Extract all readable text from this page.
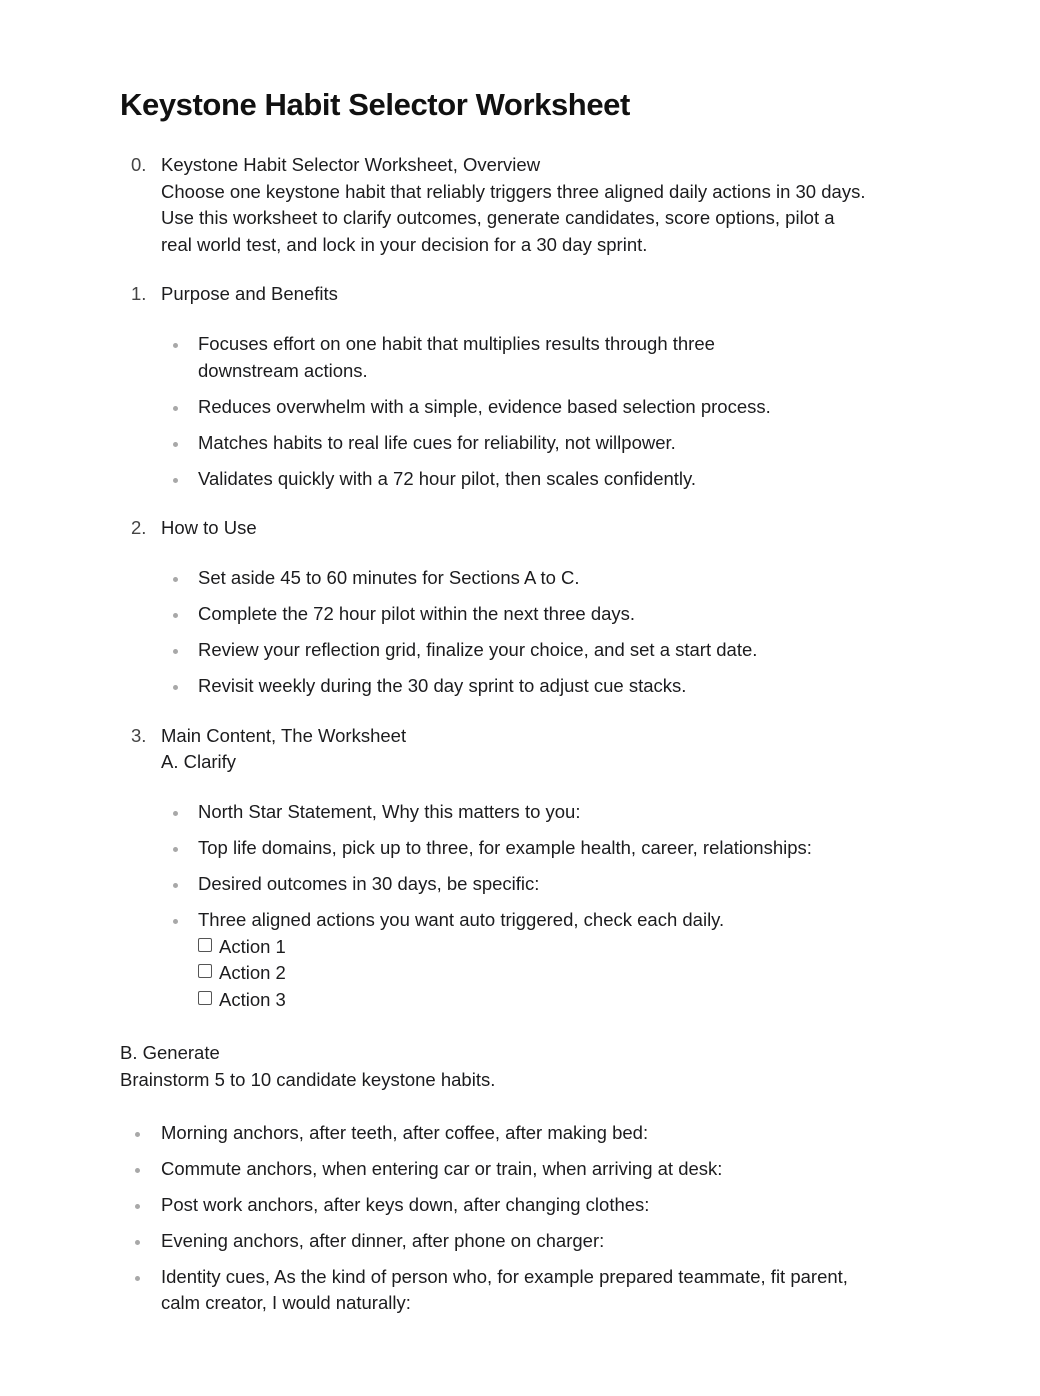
Keystone Habit Selector Worksheet
0. Keystone Habit Selector Worksheet, Overview
Choose one keystone habit that reliably triggers three aligned daily actions in 30 days.
Use this worksheet to clarify outcomes, generate candidates, score options, pilot a
real world test, and lock in your decision for a 30 day sprint.
1. Purpose and Benefits
Focuses effort on one habit that multiplies results through three
downstream actions.
Reduces overwhelm with a simple, evidence based selection process.
Matches habits to real life cues for reliability, not willpower.
Validates quickly with a 72 hour pilot, then scales confidently.
2. How to Use
Set aside 45 to 60 minutes for Sections A to C.
Complete the 72 hour pilot within the next three days.
Review your reflection grid, finalize your choice, and set a start date.
Revisit weekly during the 30 day sprint to adjust cue stacks.
3. Main Content, The Worksheet
A. Clarify
North Star Statement, Why this matters to you:
Top life domains, pick up to three, for example health, career, relationships:
Desired outcomes in 30 days, be specific:
Three aligned actions you want auto triggered, check each daily.
Action 1
Action 2
Action 3
B. Generate
Brainstorm 5 to 10 candidate keystone habits.
Morning anchors, after teeth, after coffee, after making bed:
Commute anchors, when entering car or train, when arriving at desk:
Post work anchors, after keys down, after changing clothes:
Evening anchors, after dinner, after phone on charger:
Identity cues, As the kind of person who, for example prepared teammate, fit parent,
calm creator, I would naturally:
